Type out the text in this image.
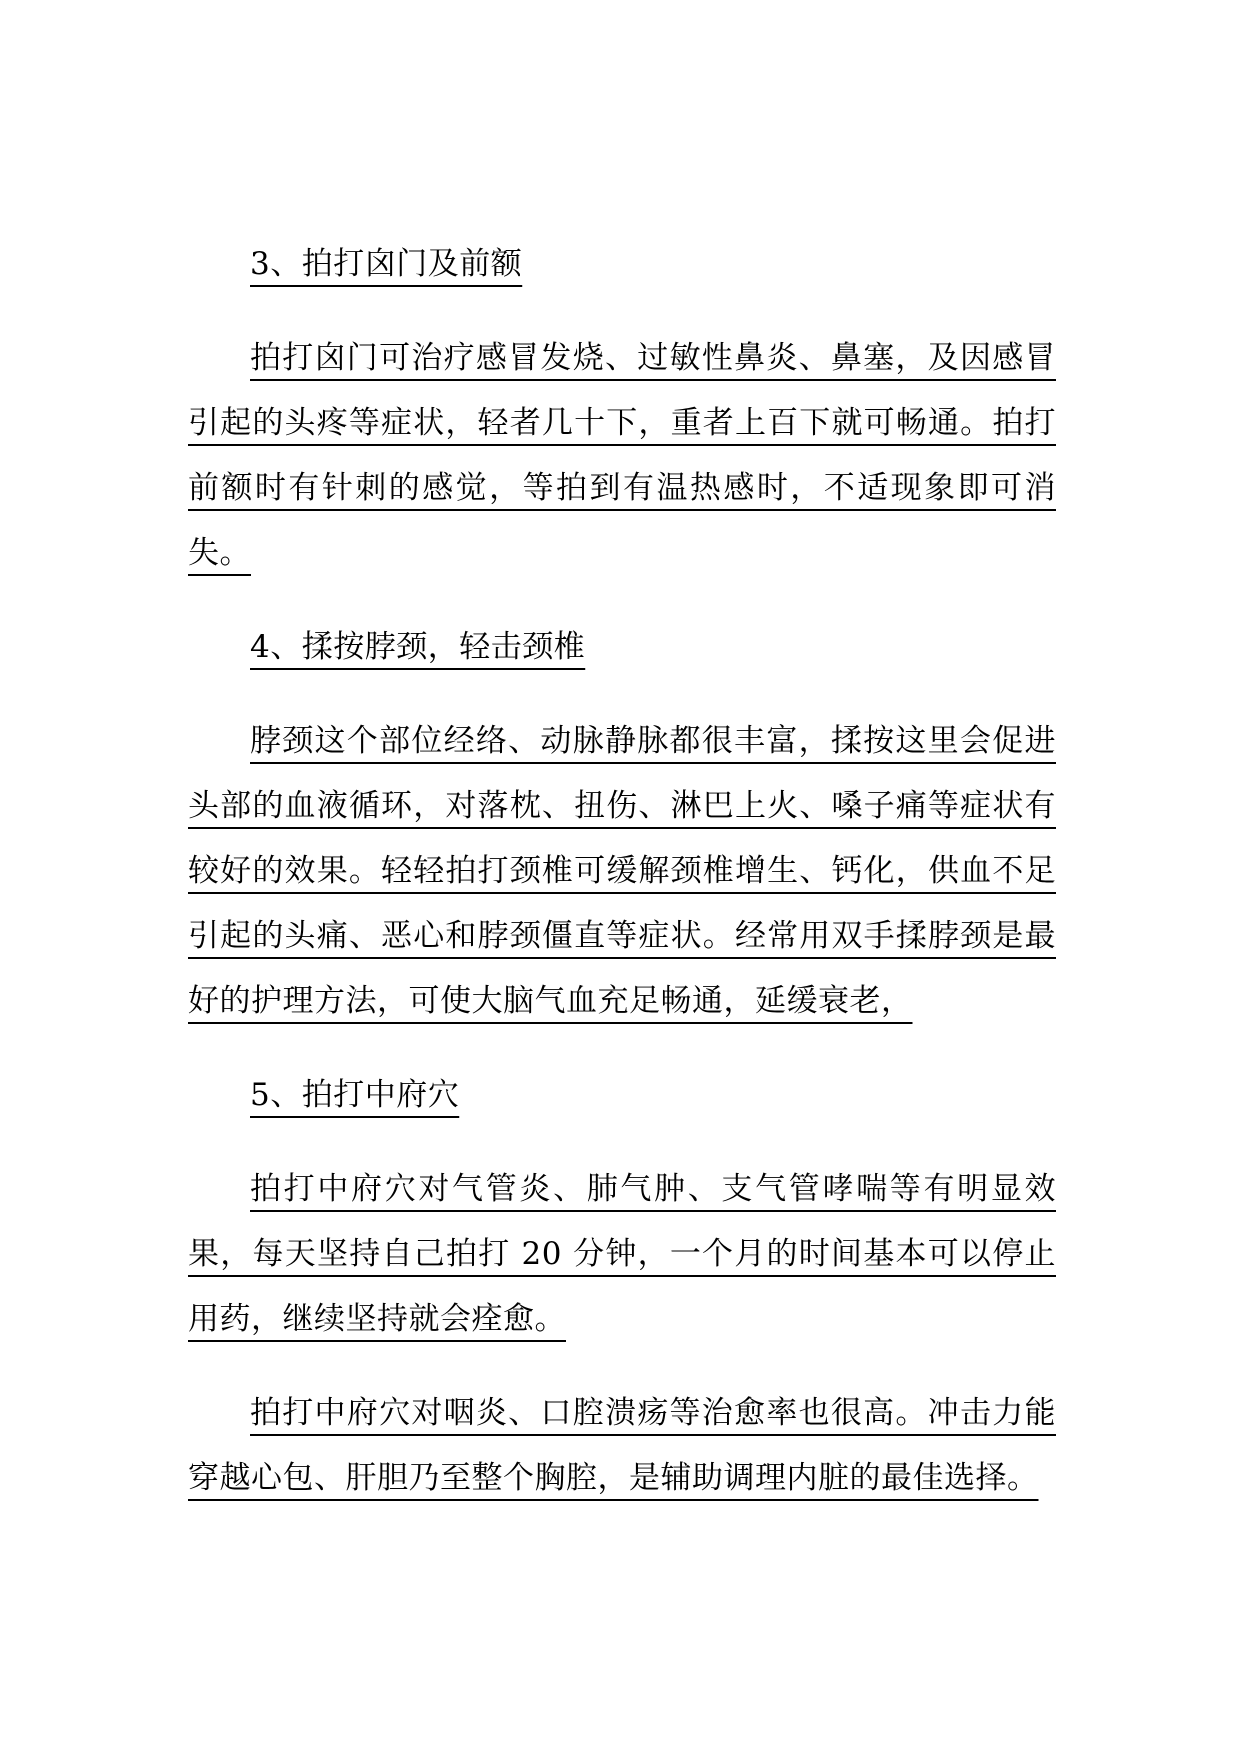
3、拍打囟门及前额

拍打囟门可治疗感冒发烧、过敏性鼻炎、鼻塞，及因感冒引起的头疼等症状，轻者几十下，重者上百下就可畅通。拍打前额时有针刺的感觉，等拍到有温热感时，不适现象即可消失。

4、揉按脖颈，轻击颈椎

脖颈这个部位经络、动脉静脉都很丰富，揉按这里会促进头部的血液循环，对落枕、扭伤、淋巴上火、嗓子痛等症状有较好的效果。轻轻拍打颈椎可缓解颈椎增生、钙化，供血不足引起的头痛、恶心和脖颈僵直等症状。经常用双手揉脖颈是最好的护理方法，可使大脑气血充足畅通，延缓衰老，

5、拍打中府穴

拍打中府穴对气管炎、肺气肿、支气管哮喘等有明显效果，每天坚持自己拍打 20 分钟，一个月的时间基本可以停止用药，继续坚持就会痊愈。

拍打中府穴对咽炎、口腔溃疡等治愈率也很高。冲击力能穿越心包、肝胆乃至整个胸腔，是辅助调理内脏的最佳选择。
